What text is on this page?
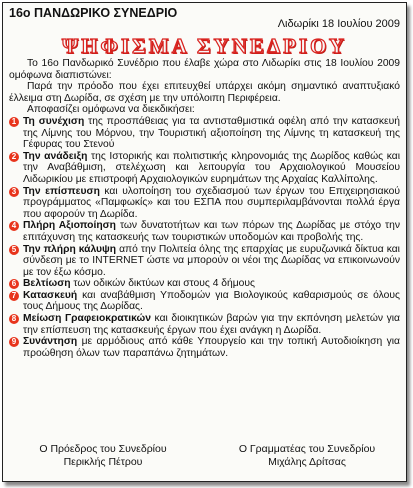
16ο ΠΑΝΔΩΡΙΚΟ ΣΥΝΕΔΡΙΟ
Λιδωρίκι 18 Ιουλίου 2009
ΨΗΦΙΣΜΑ ΣΥΝΕΔΡΙΟΥ

Το 16ο Πανδωρικό Συνέδριο που έλαβε χώρα στο Λιδωρίκι στις 18 Ιουλίου 2009 ομόφωνα διαπιστώνει:

Παρά την πρόοδο που έχει επιτευχθεί υπάρχει ακόμη σημαντικό αναπτυξιακό έλλειμα στη Δωρίδα, σε σχέση με την υπόλοιπη Περιφέρεια.

Αποφασίζει ομόφωνα να διεκδικήσει:

1 Τη συνέχιση της προσπάθειας για τα αντισταθμιστικά οφέλη από την κατασκευή της Λίμνης του Μόρνου, την Τουριστική αξιοποίηση της Λίμνης τη κατασκευή της Γέφυρας του Στενού

2 Την ανάδειξη της Ιστορικής και πολιτιστικής κληρονομιάς της Δωρίδος καθώς και την Αναβάθμιση, στελέχωση και λειτουργία του Αρχαιολογικού Μουσείου Λιδωρικίου με επιστροφή Αρχαιολογικών ευρημάτων της Αρχαίας Καλλίπολης.

3 Την επίσπευση και υλοποίηση του σχεδιασμού των έργων του Επιχειρησιακού προγράμματος «Παμφωκίς» και του ΕΣΠΑ που συμπεριλαμβάνονται πολλά έργα που αφορούν τη Δωρίδα.

4 Πλήρη Αξιοποίηση των δυνατοτήτων και των πόρων της Δωρίδας με στόχο την επιτάχυνση της κατασκευής των τουριστικών υποδομών και προβολής της.

5 Την πλήρη κάλυψη από την Πολιτεία όλης της επαρχίας με ευρυζωνικά δίκτυα και σύνδεση με το INTERNET ώστε να μπορούν οι νέοι της Δωρίδας να επικοινωνούν με τον έξω κόσμο.

6 Βελτίωση των οδικών δικτύων και στους 4 δήμους

7 Κατασκευή και αναβάθμιση Υποδομών για Βιολογικούς καθαρισμούς σε όλους τους Δήμους της Δωρίδας.

8 Μείωση Γραφειοκρατικών και διοικητικών βαρών για την εκπόνηση μελετών για την επίσπευση της κατασκευής έργων που έχει ανάγκη η Δωρίδα.

9 Συνάντηση με αρμόδιους από κάθε Υπουργείο και την τοπική Αυτοδιοίκηση για προώθηση όλων των παραπάνω ζητημάτων.

Ο Πρόεδρος του Συνεδρίου
Περικλής Πέτρου
Ο Γραμματέας του Συνεδρίου
Μιχάλης Δρίτσας
